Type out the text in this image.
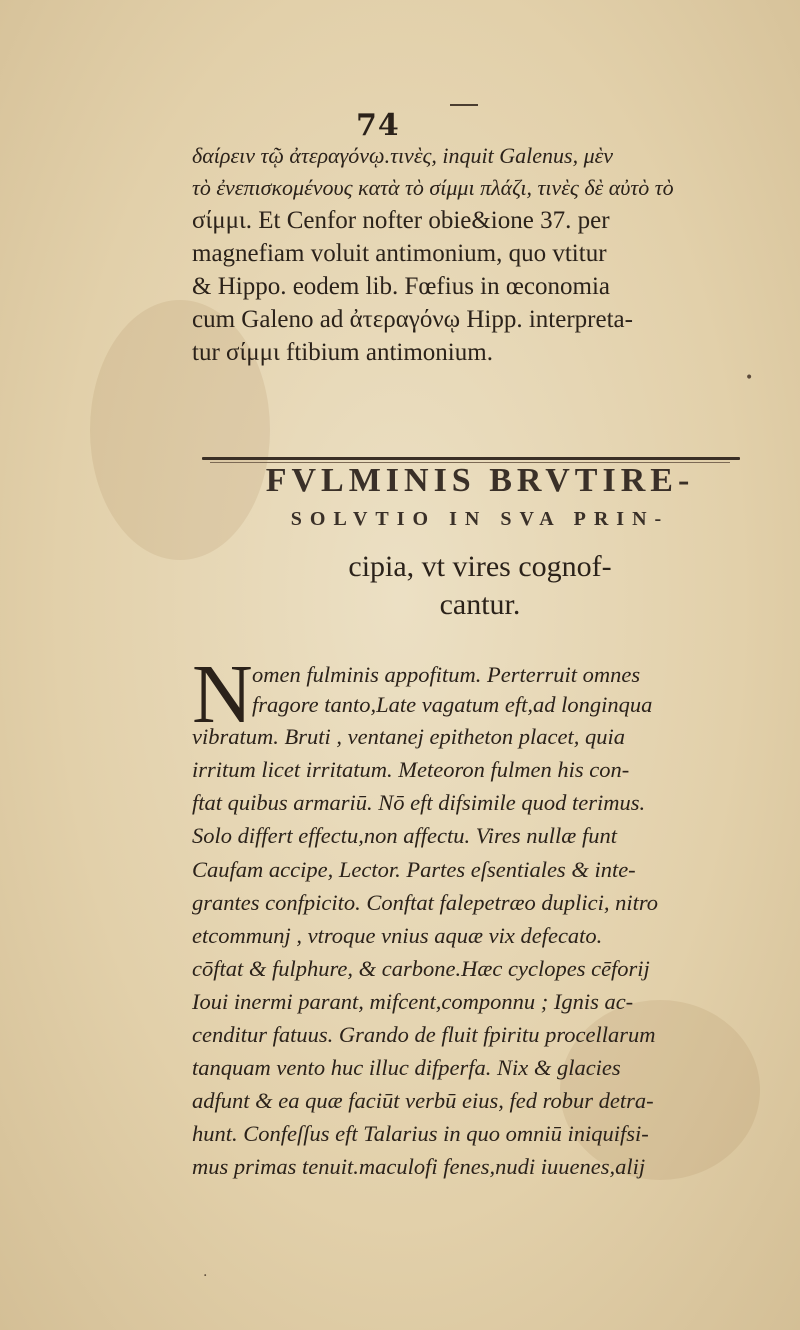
74
δαίρειν τῷ ἀτεραγόνῳ.τινὲς, inquit Galenus, μὲν
τὸ ἐνεπισκομένους κατὰ τὸ σίμμι πλάζι, τινὲς δὲ αὐτὸ τὸ
σίμμι. Et Cenfor nofter obie&ione 37. per
magnefiam voluit antimonium, quo vtitur
& Hippo. eodem lib. Fœfius in œconomia
cum Galeno ad ἀτεραγόνῳ Hipp. interpreta-
tur σίμμι ftibium antimonium.
FVLMINIS BRVTIRE-
SOLVTIO IN SVA PRIN-
cipia, vt vires cognof-
cantur.
N omen fulminis appofitum. Perterruit omnes
fragore tanto,Late vagatum eft,ad longinqua
vibratum. Bruti , ventanej epitheton placet, quia
irritum licet irritatum. Meteoron fulmen his con-
ftat quibus armariū. Nō eft difsimile quod terimus.
Solo differt effectu,non affectu. Vires nullæ funt
Caufam accipe, Lector. Partes eſsentiales & inte-
grantes confpicito. Conftat falepetræo duplici, nitro
etcommunj , vtroque vnius aquæ vix defecato.
cōftat & fulphure, & carbone.Hæc cyclopes cēforij
Ioui inermi parant, mifcent,componnu ; Ignis ac-
cenditur fatuus. Grando de fluit fpiritu procellarum
tanquam vento huc illuc difperfa. Nix & glacies
adfunt & ea quæ faciūt verbū eius, fed robur detra-
hunt. Confeſſus eft Talarius in quo omniū iniquifsi-
mus primas tenuit.maculofi fenes,nudi iuuenes,alij
•
·
